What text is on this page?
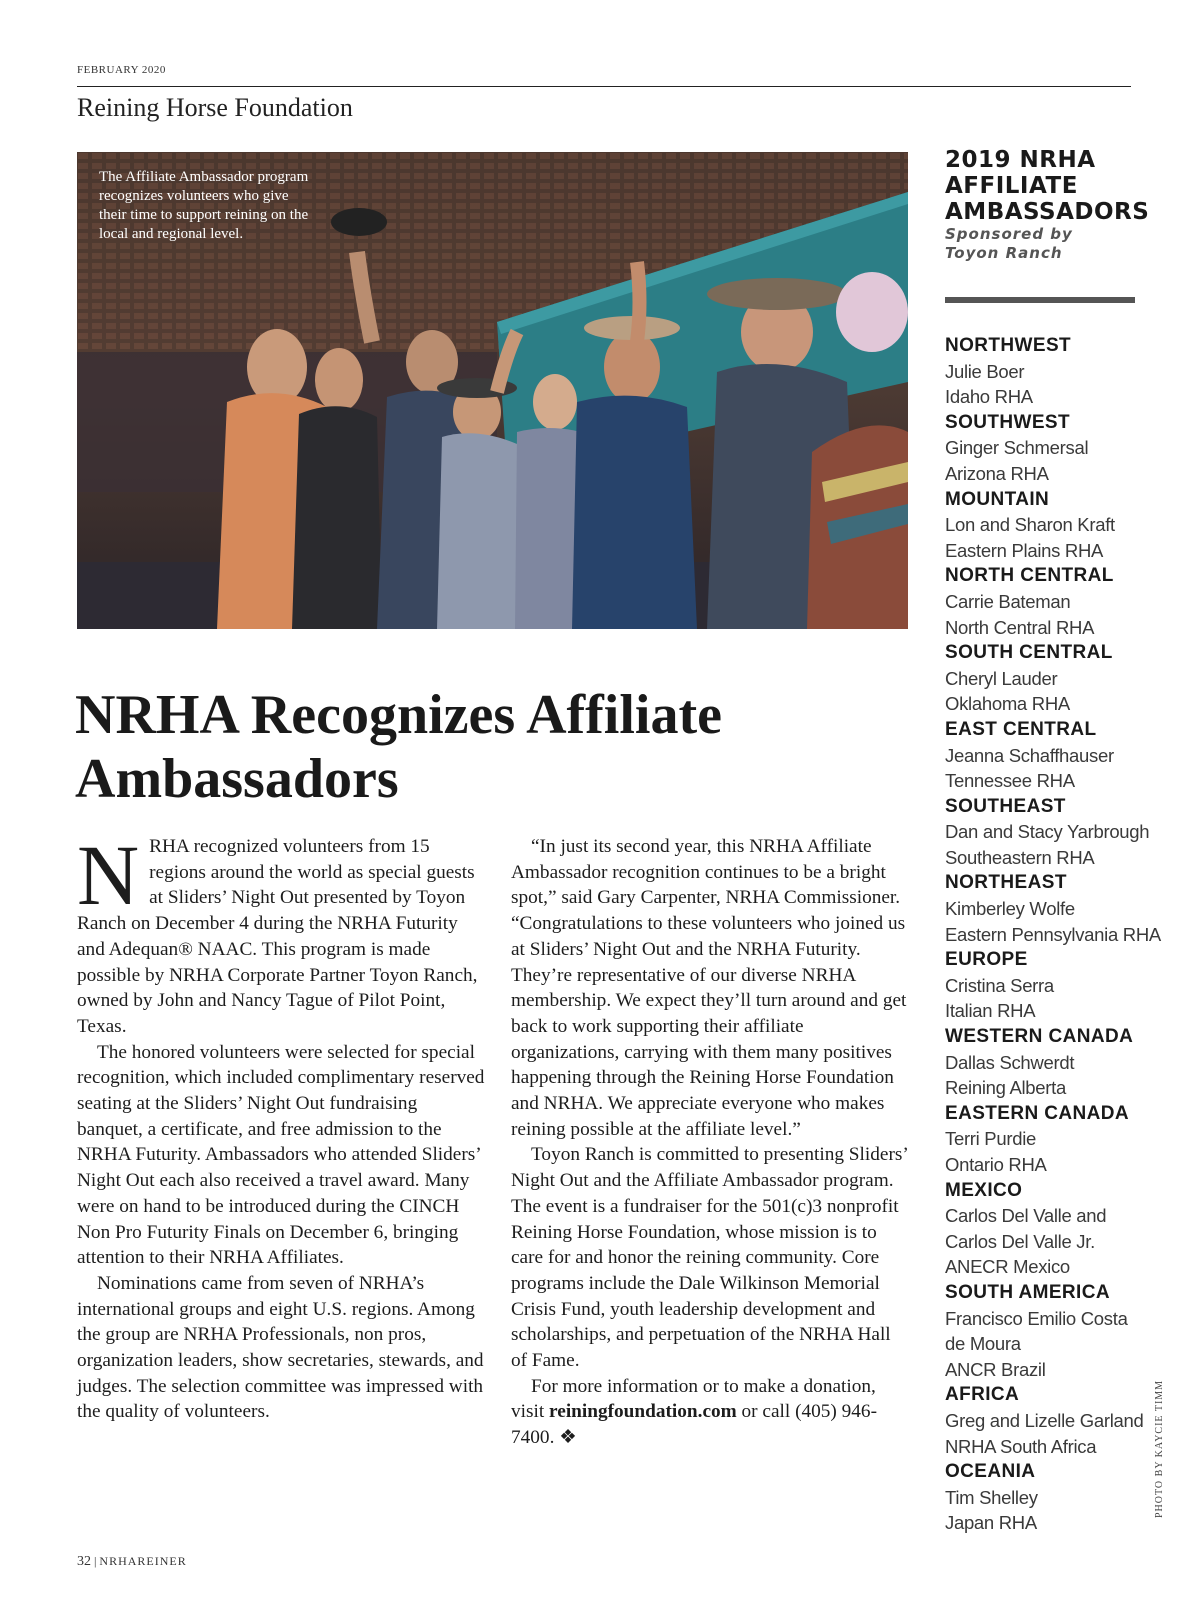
FEBRUARY 2020
Reining Horse Foundation
The Affiliate Ambassador program recognizes volunteers who give their time to support reining on the local and regional level.
NRHA Recognizes Affiliate Ambassadors

NRHA recognized volunteers from 15 regions around the world as special guests at Sliders’ Night Out presented by Toyon Ranch on December 4 during the NRHA Futurity and Adequan® NAAC. This program is made possible by NRHA Corporate Partner Toyon Ranch, owned by John and Nancy Tague of Pilot Point, Texas.

The honored volunteers were selected for special recognition, which included complimentary reserved seating at the Sliders’ Night Out fundraising banquet, a certificate, and free admission to the NRHA Futurity. Ambassadors who attended Sliders’ Night Out each also received a travel award. Many were on hand to be introduced during the CINCH Non Pro Futurity Finals on December 6, bringing attention to their NRHA Affiliates.

Nominations came from seven of NRHA’s international groups and eight U.S. regions. Among the group are NRHA Professionals, non pros, organization leaders, show secretaries, stewards, and judges. The selection committee was impressed with the quality of volunteers.

“In just its second year, this NRHA Affiliate Ambassador recognition continues to be a bright spot,” said Gary Carpenter, NRHA Commissioner. “Congratulations to these volunteers who joined us at Sliders’ Night Out and the NRHA Futurity. They’re representative of our diverse NRHA membership. We expect they’ll turn around and get back to work supporting their affiliate organizations, carrying with them many positives happening through the Reining Horse Foundation and NRHA. We appreciate everyone who makes reining possible at the affiliate level.”

Toyon Ranch is committed to presenting Sliders’ Night Out and the Affiliate Ambassador program. The event is a fundraiser for the 501(c)3 nonprofit Reining Horse Foundation, whose mission is to care for and honor the reining community. Core programs include the Dale Wilkinson Memorial Crisis Fund, youth leadership development and scholarships, and perpetuation of the NRHA Hall of Fame.

For more information or to make a donation, visit reiningfoundation.com or call (405) 946-7400. ❖

2019 NRHA
AFFILIATE
AMBASSADORS
Sponsored by
Toyon Ranch
NORTHWEST
Julie Boer
Idaho RHA
SOUTHWEST
Ginger Schmersal
Arizona RHA
MOUNTAIN
Lon and Sharon Kraft
Eastern Plains RHA
NORTH CENTRAL
Carrie Bateman
North Central RHA
SOUTH CENTRAL
Cheryl Lauder
Oklahoma RHA
EAST CENTRAL
Jeanna Schaffhauser
Tennessee RHA
SOUTHEAST
Dan and Stacy Yarbrough
Southeastern RHA
NORTHEAST
Kimberley Wolfe
Eastern Pennsylvania RHA
EUROPE
Cristina Serra
Italian RHA
WESTERN CANADA
Dallas Schwerdt
Reining Alberta
EASTERN CANADA
Terri Purdie
Ontario RHA
MEXICO
Carlos Del Valle and
Carlos Del Valle Jr.
ANECR Mexico
SOUTH AMERICA
Francisco Emilio Costa
de Moura
ANCR Brazil
AFRICA
Greg and Lizelle Garland
NRHA South Africa
OCEANIA
Tim Shelley
Japan RHA
PHOTO BY KAYCIE TIMM
32 | NRHAREINER
